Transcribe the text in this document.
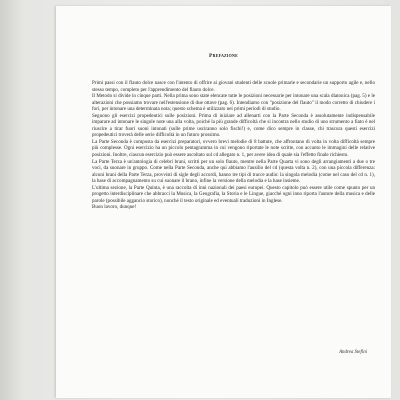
Prefazione

Primi passi con il flauto dolce nasce con l'intento di offrire ai giovani studenti delle scuole primarie e secondarie un supporto agile e, nello stesso tempo, completo per l'apprendimento del flauto dolce.

Il Metodo si divide in cinque parti. Nella prima sono state elencate tutte le posizioni necessarie per intonare una scala diatonica (pag. 5) e le alterazioni che possiamo trovare nell'estensione di due ottave (pag. 6). Intendiamo con "posizione del flauto" il modo corretto di chiudere i fori, per intonare una determinata nota; questo schema è utilizzato nei primi periodi di studio.

Seguono gli esercizi propedeutici sulle posizioni. Prima di iniziare ad allenarti con la Parte Seconda è assolutamente indispensabile imparare ad intonare le singole note una alla volta, poiché la più grande difficoltà che si incontra nello studio di uno strumento a fiato è nel riuscire a tirar fuori suoni intonati (sulle prime usciranno solo fischi!) e, come dico sempre in classe, chi trascura questi esercizi propedeutici troverà delle serie difficoltà in un futuro prossimo.

La Parte Seconda è composta da esercizi preparatori, ovvero brevi melodie di 8 battute, che affrontano di volta in volta difficoltà sempre più complesse. Ogni esercizio ha un piccolo pentagramma in cui vengono riportate le note scritte, con accanto le immagini delle relative posizioni. Inoltre, ciascun esercizio può essere ascoltato sul cd allegato n. 1, per avere idea di quale sia l'effetto finale richiesto.

La Parte Terza è un'antologia di celebri brani, scritti per un solo flauto, mentre nella Parte Quarta vi sono degli arrangiamenti a due o tre voci, da suonare in gruppo. Come nella Parte Seconda, anche qui abbiamo l'ausilio del cd (questa volta n. 2), con una piccola differenza: alcuni brani della Parte Terza, provvisti di sigle degli accordi, hanno tre tipi di tracce audio: la singola melodia (come nel caso del cd n. 1), la base di accompagnamento su cui suonare il brano, infine la versione della melodia e la base insieme.

L'ultima sezione, la Parte Quinta, è una raccolta di inni nazionali dei paesi europei. Questo capitolo può essere utile come spunto per un progetto interdisciplinare che abbracci la Musica, la Geografia, la Storia e le Lingue, giacché ogni inno riporta l'autore della musica e delle parole (possibile aggancio storico), nonché il testo originale ed eventuali traduzioni in Inglese.

Buon lavoro, dunque!

Andrea Stefini
